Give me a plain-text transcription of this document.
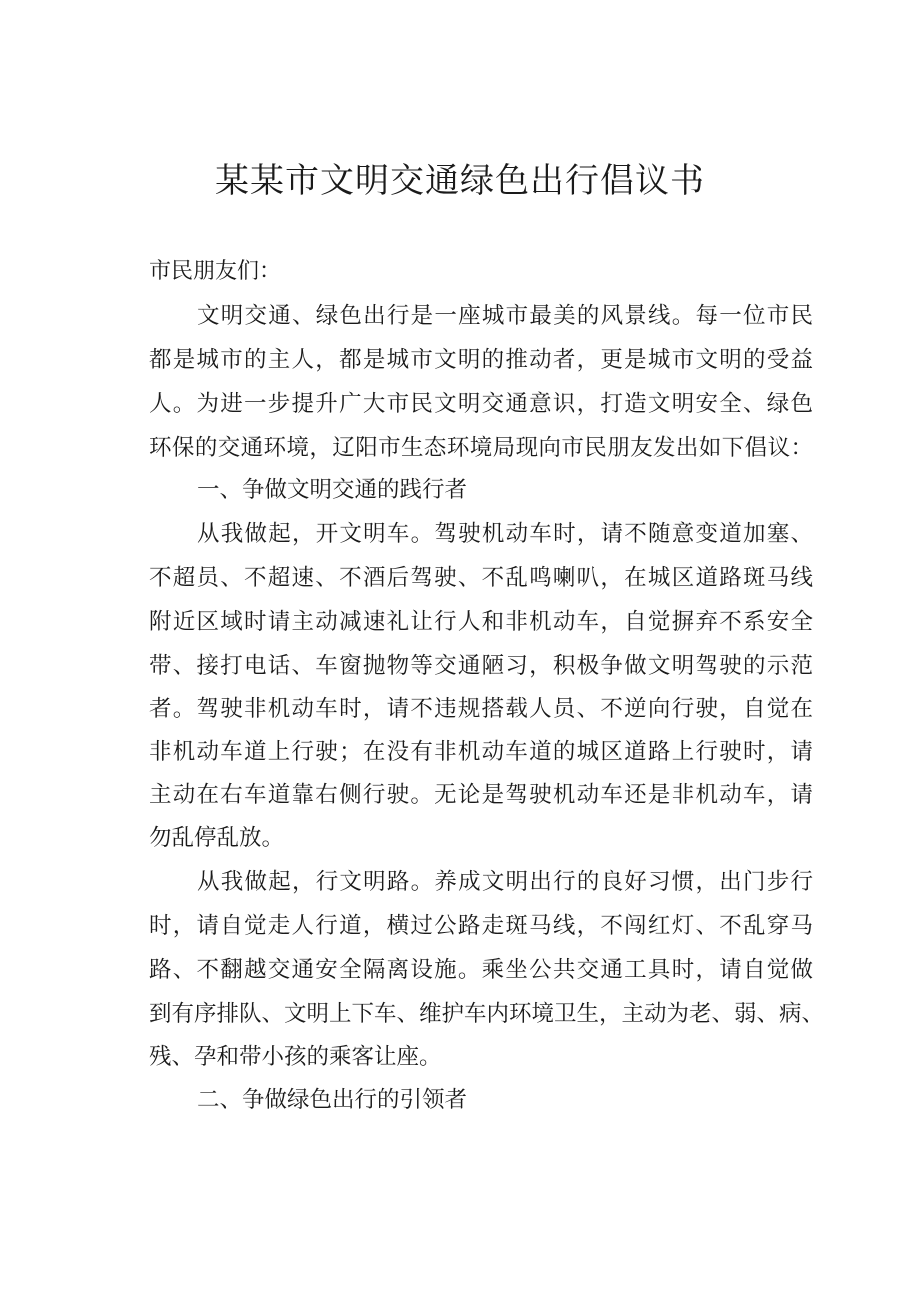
某某市文明交通绿色出行倡议书

市民朋友们：

文明交通、绿色出行是一座城市最美的风景线。每一位市民

都是城市的主人，都是城市文明的推动者，更是城市文明的受益

人。为进一步提升广大市民文明交通意识，打造文明安全、绿色

环保的交通环境，辽阳市生态环境局现向市民朋友发出如下倡议：

一、争做文明交通的践行者

从我做起，开文明车。驾驶机动车时，请不随意变道加塞、

不超员、不超速、不酒后驾驶、不乱鸣喇叭，在城区道路斑马线

附近区域时请主动减速礼让行人和非机动车，自觉摒弃不系安全

带、接打电话、车窗抛物等交通陋习，积极争做文明驾驶的示范

者。驾驶非机动车时，请不违规搭载人员、不逆向行驶，自觉在

非机动车道上行驶；在没有非机动车道的城区道路上行驶时，请

主动在右车道靠右侧行驶。无论是驾驶机动车还是非机动车，请

勿乱停乱放。

从我做起，行文明路。养成文明出行的良好习惯，出门步行

时，请自觉走人行道，横过公路走斑马线，不闯红灯、不乱穿马

路、不翻越交通安全隔离设施。乘坐公共交通工具时，请自觉做

到有序排队、文明上下车、维护车内环境卫生，主动为老、弱、病、

残、孕和带小孩的乘客让座。

二、争做绿色出行的引领者
